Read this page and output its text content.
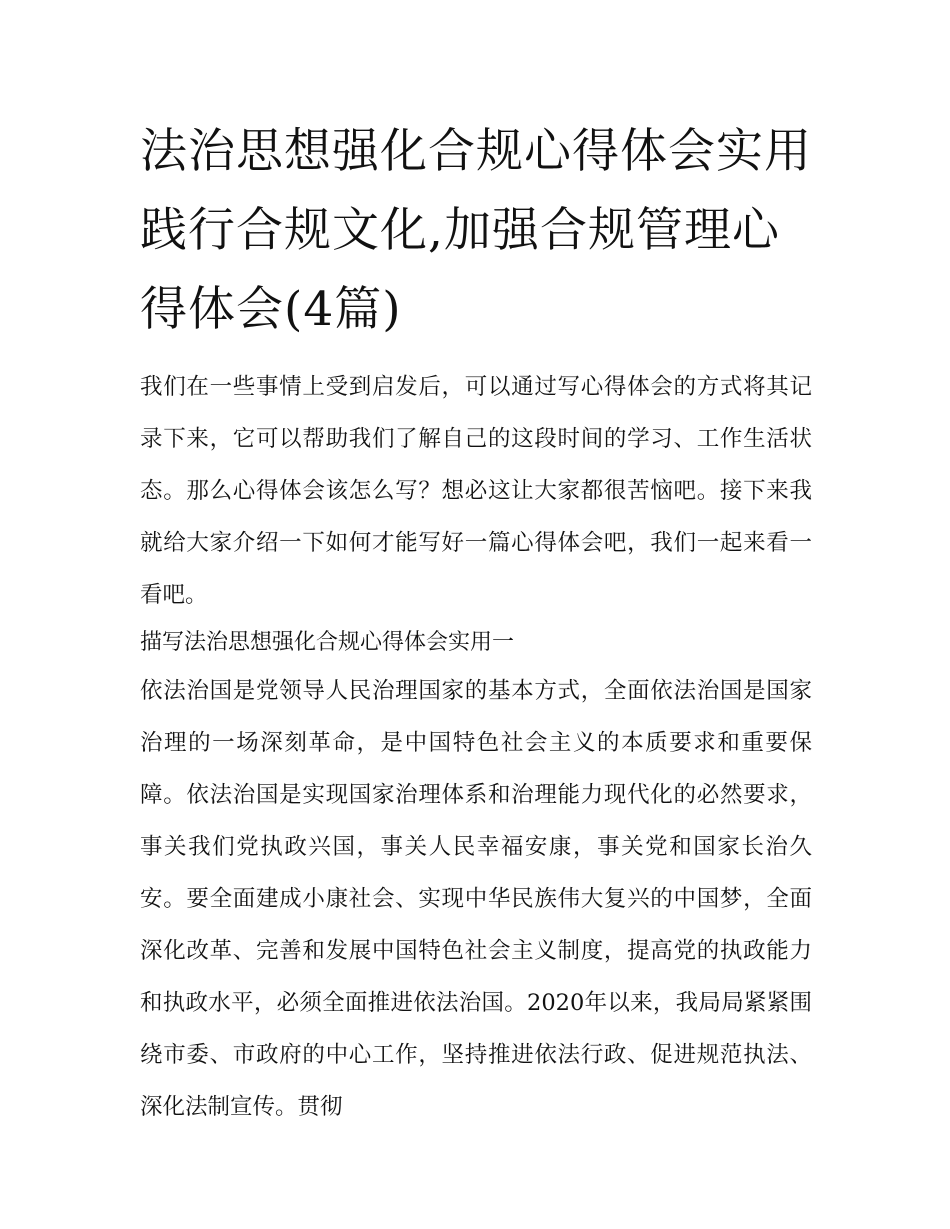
法治思想强化合规心得体会实用 践行合规文化,加强合规管理心得体会(4篇)

我们在一些事情上受到启发后，可以通过写心得体会的方式将其记录下来，它可以帮助我们了解自己的这段时间的学习、工作生活状态。那么心得体会该怎么写？想必这让大家都很苦恼吧。接下来我就给大家介绍一下如何才能写好一篇心得体会吧，我们一起来看一看吧。

描写法治思想强化合规心得体会实用一

依法治国是党领导人民治理国家的基本方式，全面依法治国是国家治理的一场深刻革命，是中国特色社会主义的本质要求和重要保障。依法治国是实现国家治理体系和治理能力现代化的必然要求，事关我们党执政兴国，事关人民幸福安康，事关党和国家长治久安。要全面建成小康社会、实现中华民族伟大复兴的中国梦，全面深化改革、完善和发展中国特色社会主义制度，提高党的执政能力和执政水平，必须全面推进依法治国。2020年以来，我局局紧紧围绕市委、市政府的中心工作，坚持推进依法行政、促进规范执法、深化法制宣传。贯彻
